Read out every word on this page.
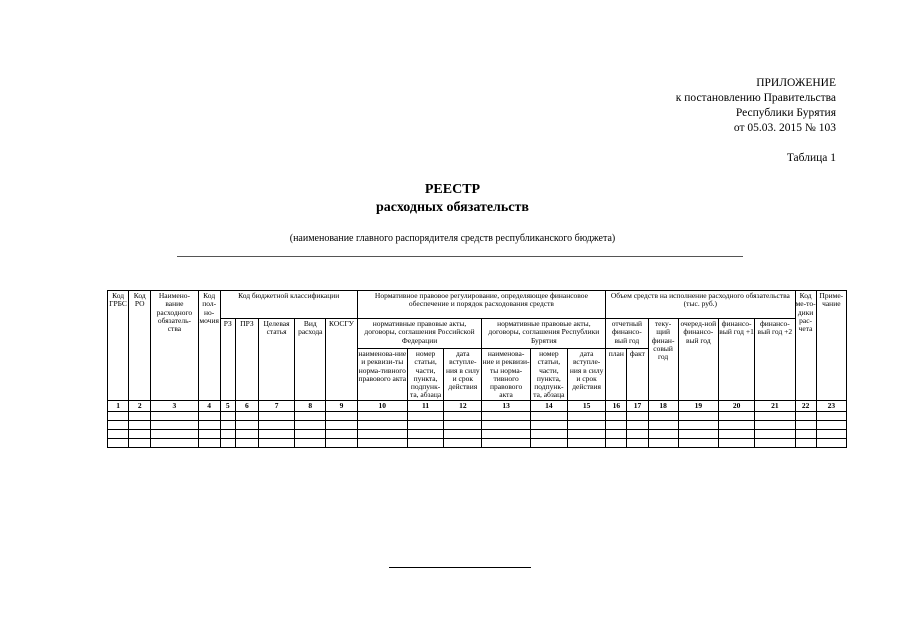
ПРИЛОЖЕНИЕ
к постановлению Правительства
Республики Бурятия
от 05.03. 2015 № 103
Таблица 1
РЕЕСТР
расходных обязательств
(наименование главного распорядителя средств республиканского бюджета)
Код ГРБС	Код РО	Наимено-вание расходного обязатель-ства	Код пол-но-мочия	Код бюджетной классификации					Нормативное правовое регулирование, определяющее финансовое обеспечение и порядок расходования средств						Объем средств на исполнение расходного обязательства (тыс. руб.)						Код ме-то-дики рас-чета	Приме-чание
				РЗ	ПРЗ	Целевая статья	Вид расхода	КОСГУ	нормативные правовые акты, договоры, соглашения Российской Федерации			нормативные правовые акты, договоры, соглашения Республики Бурятия			отчетный финансо-вый год		теку-щий финан-совый год	очеред-ной финансо-вый год	финансо-вый год +1	финансо-вый год +2		
									наименова-ние и реквизи-ты норма-тивного правового акта	номер статьи, части, пункта, подпунк-та, абзаца	дата вступле-ния в силу и срок действия	наименова-ние и реквизи-ты норма-тивного правового акта	номер статьи, части, пункта, подпунк-та, абзаца	дата вступле-ния в силу и срок действия	план	факт						

1	2	3	4	5	6	7	8	9	10	11	12	13	14	15	16	17	18	19	20	21	22	23
